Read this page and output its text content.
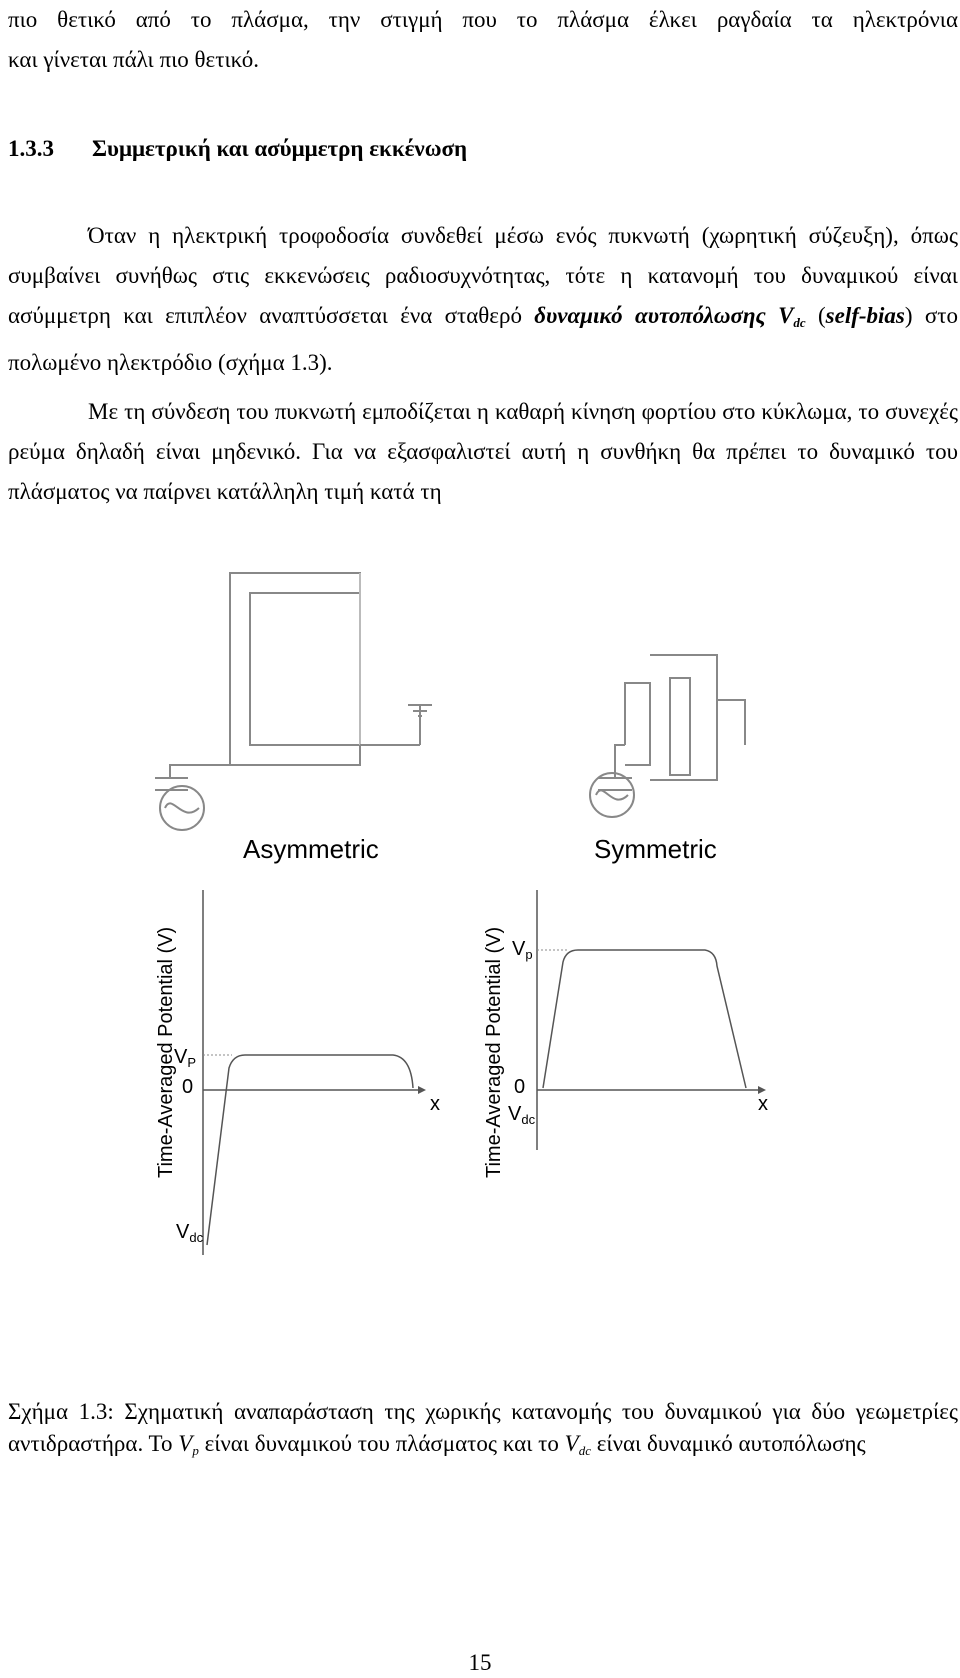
πιο θετικό από το πλάσμα, την στιγμή που το πλάσμα έλκει ραγδαία τα ηλεκτρόνια
και γίνεται πάλι πιο θετικό.
1.3.3 Συμμετρική και ασύμμετρη εκκένωση
Όταν η ηλεκτρική τροφοδοσία συνδεθεί μέσω ενός πυκνωτή (χωρητική σύζευξη), όπως συμβαίνει συνήθως στις εκκενώσεις ραδιοσυχνότητας, τότε η κατανομή του δυναμικού είναι ασύμμετρη και επιπλέον αναπτύσσεται ένα σταθερό δυναμικό αυτοπόλωσης $V_{dc}$ (self-bias) στο πολωμένο ηλεκτρόδιο (σχήμα 1.3).
Με τη σύνδεση του πυκνωτή εμποδίζεται η καθαρή κίνηση φορτίου στο κύκλωμα, το συνεχές ρεύμα δηλαδή είναι μηδενικό. Για να εξασφαλιστεί αυτή η συνθήκη θα πρέπει το δυναμικό του πλάσματος να παίρνει κατάλληλη τιμή κατά τη
Asymmetric	Symmetric
Time-Averaged Potential (V)
$V_P$
0
x
$V_{dc}$
Time-Averaged Potential (V) $V_p$
0
x
$V_{dc}$
Σχήμα 1.3: Σχηματική αναπαράσταση της χωρικής κατανομής του δυναμικού για δύο γεωμετρίες αντιδραστήρα. Το $V_p$ είναι δυναμικού του πλάσματος και το $V_{dc}$ είναι δυναμικό αυτοπόλωσης
15
